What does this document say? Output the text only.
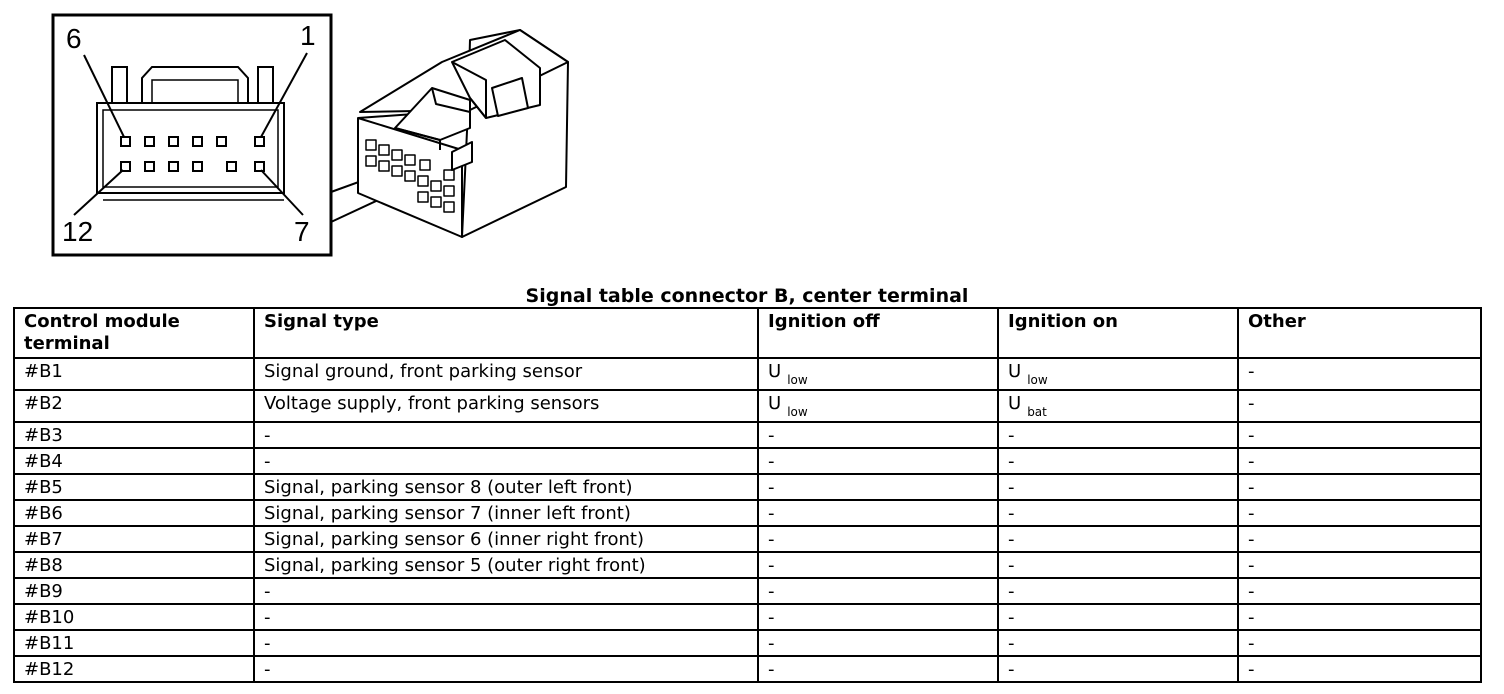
6	1
12	7
Signal table connector B, center terminal
Control module terminal	Signal type	Ignition off	Ignition on	Other
#B1	Signal ground, front parking sensor	U $_{low}$	U $_{low}$	-
#B2	Voltage supply, front parking sensors	U $_{low}$	U $_{bat}$	-
#B3	-	-	-	-
#B4	-	-	-	-
#B5	Signal, parking sensor 8 (outer left front)	-	-	-
#B6	Signal, parking sensor 7 (inner left front)	-	-	-
#B7	Signal, parking sensor 6 (inner right front)	-	-	-
#B8	Signal, parking sensor 5 (outer right front)	-	-	-
#B9	-	-	-	-
#B10	-	-	-	-
#B11	-	-	-	-
#B12	-	-	-	-
